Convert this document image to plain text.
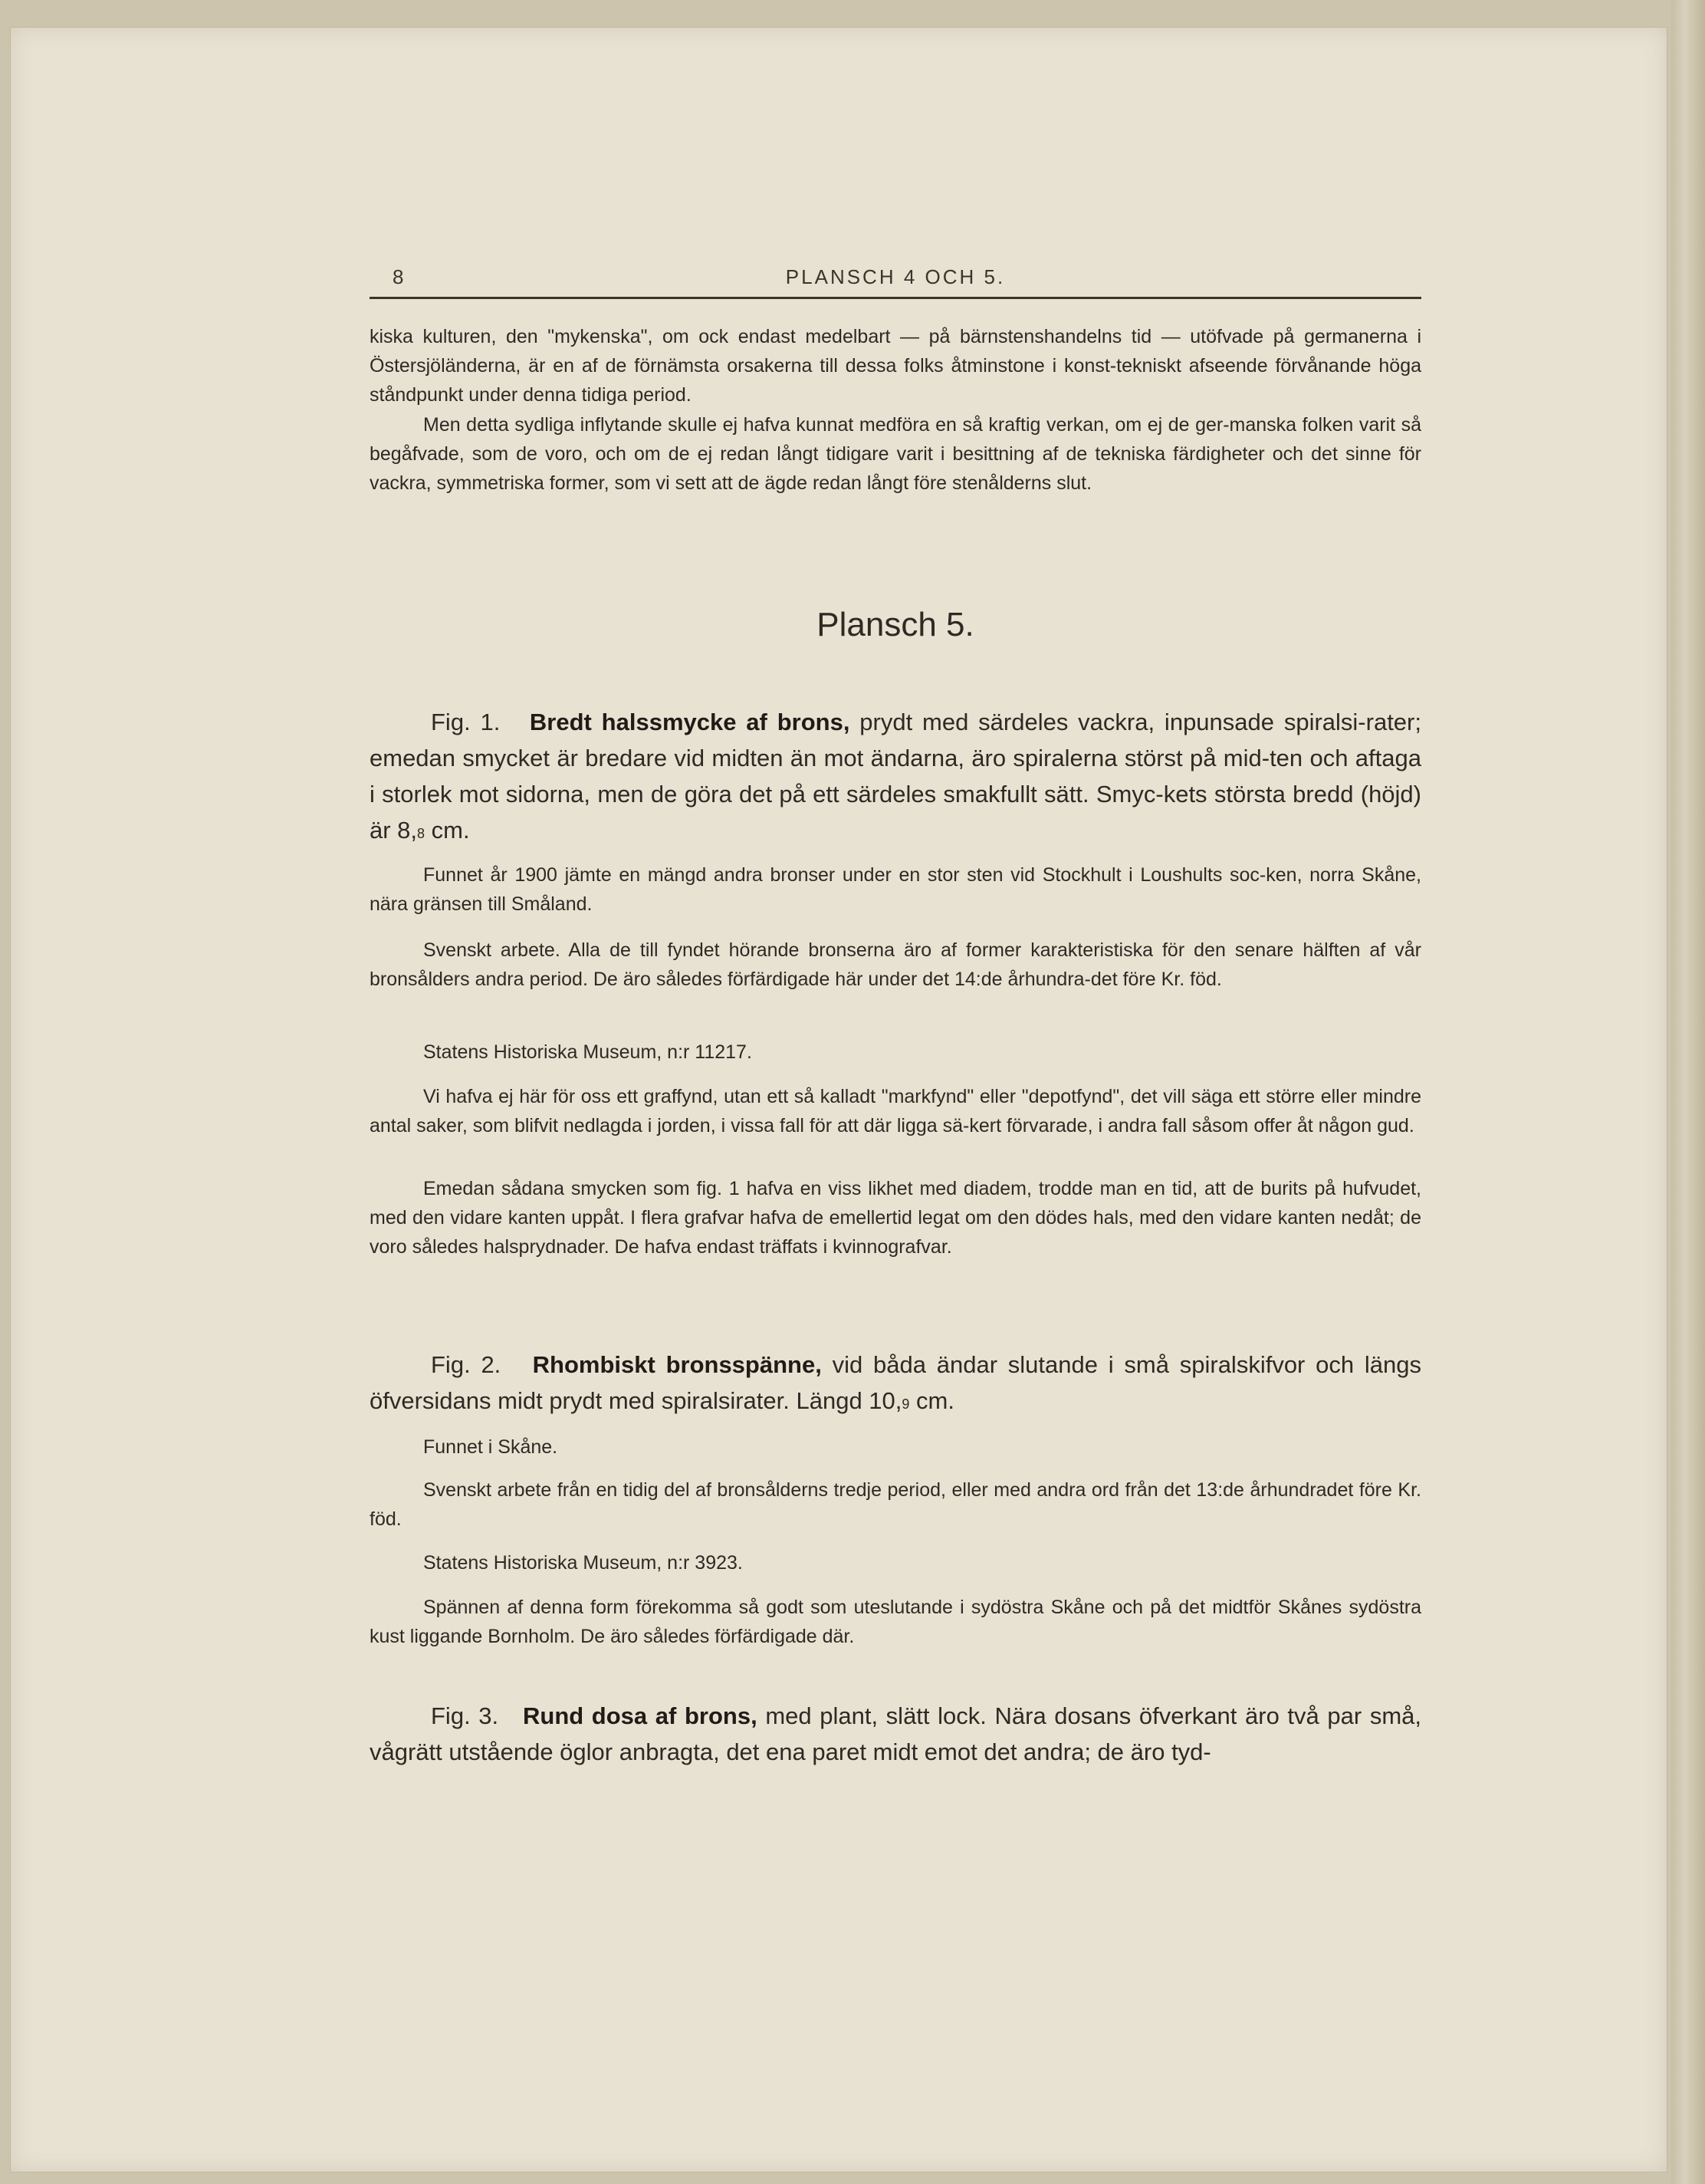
8	PLANSCH 4 OCH 5.

kiska kulturen, den "mykenska", om ock endast medelbart — på bärnstenshandelns tid — utöfvade på germanerna i Östersjöländerna, är en af de förnämsta orsakerna till dessa folks åtminstone i konst-tekniskt afseende förvånande höga ståndpunkt under denna tidiga period.

Men detta sydliga inflytande skulle ej hafva kunnat medföra en så kraftig verkan, om ej de ger-manska folken varit så begåfvade, som de voro, och om de ej redan långt tidigare varit i besittning af de tekniska färdigheter och det sinne för vackra, symmetriska former, som vi sett att de ägde redan långt före stenålderns slut.

Plansch 5.

Fig. 1. Bredt halssmycke af brons, prydt med särdeles vackra, inpunsade spiralsi-rater; emedan smycket är bredare vid midten än mot ändarna, äro spiralerna störst på mid-ten och aftaga i storlek mot sidorna, men de göra det på ett särdeles smakfullt sätt. Smyc-kets största bredd (höjd) är 8,8 cm.

Funnet år 1900 jämte en mängd andra bronser under en stor sten vid Stockhult i Loushults soc-ken, norra Skåne, nära gränsen till Småland.

Svenskt arbete. Alla de till fyndet hörande bronserna äro af former karakteristiska för den senare hälften af vår bronsålders andra period. De äro således förfärdigade här under det 14:de århundra-det före Kr. föd.

Statens Historiska Museum, n:r 11217.

Vi hafva ej här för oss ett graffynd, utan ett så kalladt "markfynd" eller "depotfynd", det vill säga ett större eller mindre antal saker, som blifvit nedlagda i jorden, i vissa fall för att där ligga sä-kert förvarade, i andra fall såsom offer åt någon gud.

Emedan sådana smycken som fig. 1 hafva en viss likhet med diadem, trodde man en tid, att de burits på hufvudet, med den vidare kanten uppåt. I flera grafvar hafva de emellertid legat om den dödes hals, med den vidare kanten nedåt; de voro således halsprydnader. De hafva endast träffats i kvinnografvar.

Fig. 2. Rhombiskt bronsspänne, vid båda ändar slutande i små spiralskifvor och längs öfversidans midt prydt med spiralsirater. Längd 10,9 cm.

Funnet i Skåne.

Svenskt arbete från en tidig del af bronsålderns tredje period, eller med andra ord från det 13:de århundradet före Kr. föd.

Statens Historiska Museum, n:r 3923.

Spännen af denna form förekomma så godt som uteslutande i sydöstra Skåne och på det midtför Skånes sydöstra kust liggande Bornholm. De äro således förfärdigade där.

Fig. 3. Rund dosa af brons, med plant, slätt lock. Nära dosans öfverkant äro två par små, vågrätt utstående öglor anbragta, det ena paret midt emot det andra; de äro tyd-
